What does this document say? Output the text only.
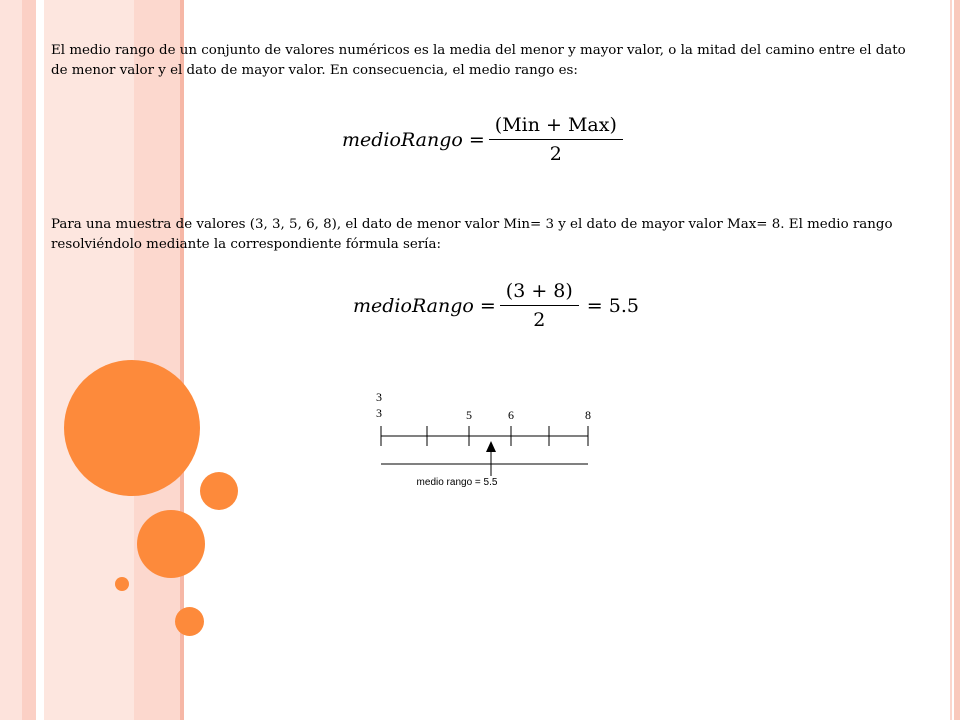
El medio rango de un conjunto de valores numéricos es la media del menor y mayor valor, o la mitad del camino entre el dato de menor valor y el dato de mayor valor. En consecuencia, el medio rango es:

medioRango = $\frac{\text{(Min + Max)}}{2}$

Para una muestra de valores (3, 3, 5, 6, 8), el dato de menor valor Min= 3 y el dato de mayor valor Max= 8. El medio rango resolviéndolo mediante la correspondiente fórmula sería:

medioRango = $\frac{(3 + 8)}{2} = 5.5$
3
3	5	6	8
medio rango = 5.5
